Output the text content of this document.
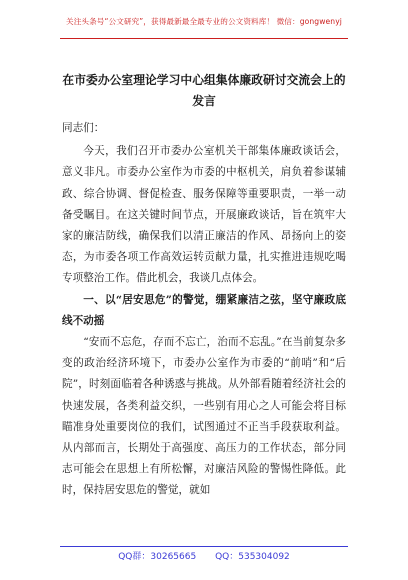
关注头条号“公文研究”，获得最新最全最专业的公文资料库！ 微信：gongwenyj
在市委办公室理论学习中心组集体廉政研讨交流会上的发言

同志们：

今天，我们召开市委办公室机关干部集体廉政谈话会，意义非凡。市委办公室作为市委的中枢机关，肩负着参谋辅政、综合协调、督促检查、服务保障等重要职责，一举一动备受瞩目。在这关键时间节点，开展廉政谈话，旨在筑牢大家的廉洁防线，确保我们以清正廉洁的作风、昂扬向上的姿态，为市委各项工作高效运转贡献力量，扎实推进违规吃喝专项整治工作。借此机会，我谈几点体会。

一、以“居安思危”的警觉，绷紧廉洁之弦，坚守廉政底线不动摇

“安而不忘危，存而不忘亡，治而不忘乱。”在当前复杂多变的政治经济环境下，市委办公室作为市委的“前哨”和“后院”，时刻面临着各种诱惑与挑战。从外部看随着经济社会的快速发展，各类利益交织，一些别有用心之人可能会将目标瞄准身处重要岗位的我们，试图通过不正当手段获取利益。从内部而言，长期处于高强度、高压力的工作状态，部分同志可能会在思想上有所松懈，对廉洁风险的警惕性降低。此时，保持居安思危的警觉，就如

QQ群：30265665 QQ：535304092
